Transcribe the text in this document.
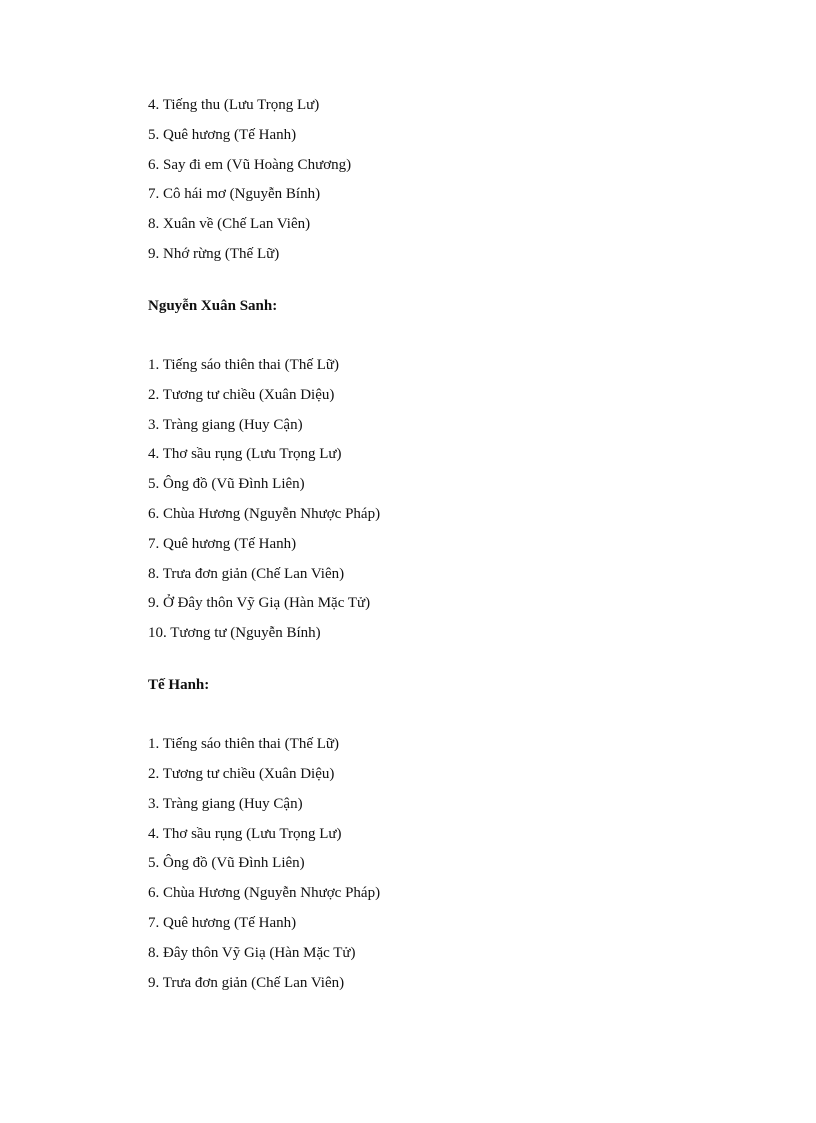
4. Tiếng thu (Lưu Trọng Lư)
5. Quê hương (Tế Hanh)
6. Say đi em (Vũ Hoàng Chương)
7. Cô hái mơ (Nguyễn Bính)
8. Xuân về (Chế Lan Viên)
9. Nhớ rừng (Thế Lữ)
Nguyễn Xuân Sanh:
1. Tiếng sáo thiên thai (Thế Lữ)
2. Tương tư chiều (Xuân Diệu)
3. Tràng giang (Huy Cận)
4. Thơ sầu rụng (Lưu Trọng Lư)
5. Ông đồ (Vũ Đình Liên)
6. Chùa Hương (Nguyễn Nhược Pháp)
7. Quê hương (Tế Hanh)
8. Trưa đơn giản (Chế Lan Viên)
9. Ở Đây thôn Vỹ Giạ (Hàn Mặc Tử)
10. Tương tư (Nguyễn Bính)
Tế Hanh:
1. Tiếng sáo thiên thai (Thế Lữ)
2. Tương tư chiều (Xuân Diệu)
3. Tràng giang (Huy Cận)
4. Thơ sầu rụng (Lưu Trọng Lư)
5. Ông đồ (Vũ Đình Liên)
6. Chùa Hương (Nguyễn Nhược Pháp)
7. Quê hương (Tế Hanh)
8. Đây thôn Vỹ Giạ (Hàn Mặc Tử)
9. Trưa đơn giản (Chế Lan Viên)
